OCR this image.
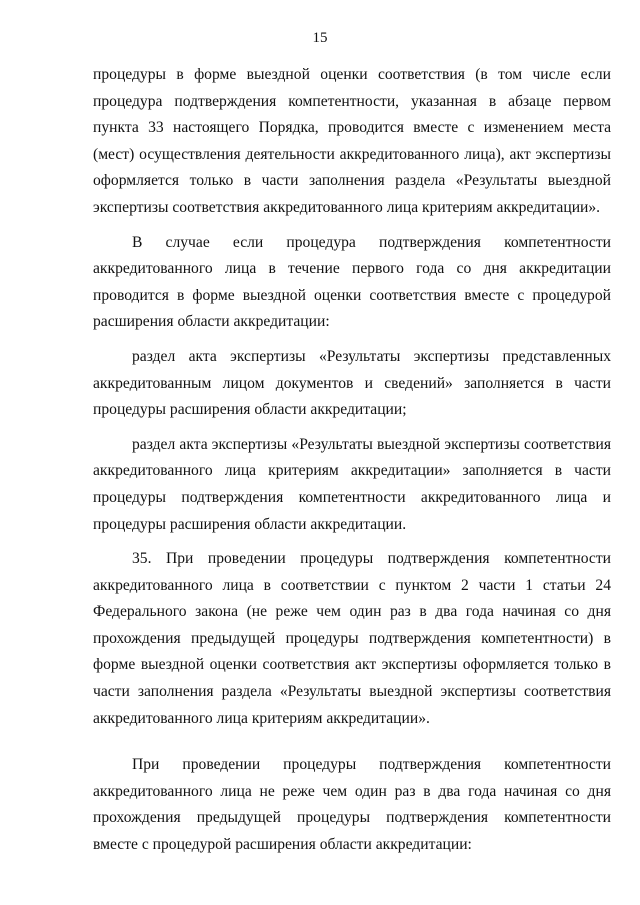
15

процедуры в форме выездной оценки соответствия (в том числе если процедура подтверждения компетентности, указанная в абзаце первом пункта 33 настоящего Порядка, проводится вместе с изменением места (мест) осуществления деятельности аккредитованного лица), акт экспертизы оформляется только в части заполнения раздела «Результаты выездной экспертизы соответствия аккредитованного лица критериям аккредитации».

В случае если процедура подтверждения компетентности аккредитованного лица в течение первого года со дня аккредитации проводится в форме выездной оценки соответствия вместе с процедурой расширения области аккредитации:

раздел акта экспертизы «Результаты экспертизы представленных аккредитованным лицом документов и сведений» заполняется в части процедуры расширения области аккредитации;

раздел акта экспертизы «Результаты выездной экспертизы соответствия аккредитованного лица критериям аккредитации» заполняется в части процедуры подтверждения компетентности аккредитованного лица и процедуры расширения области аккредитации.

35. При проведении процедуры подтверждения компетентности аккредитованного лица в соответствии с пунктом 2 части 1 статьи 24 Федерального закона (не реже чем один раз в два года начиная со дня прохождения предыдущей процедуры подтверждения компетентности) в форме выездной оценки соответствия акт экспертизы оформляется только в части заполнения раздела «Результаты выездной экспертизы соответствия аккредитованного лица критериям аккредитации».

При проведении процедуры подтверждения компетентности аккредитованного лица не реже чем один раз в два года начиная со дня прохождения предыдущей процедуры подтверждения компетентности вместе с процедурой расширения области аккредитации:
